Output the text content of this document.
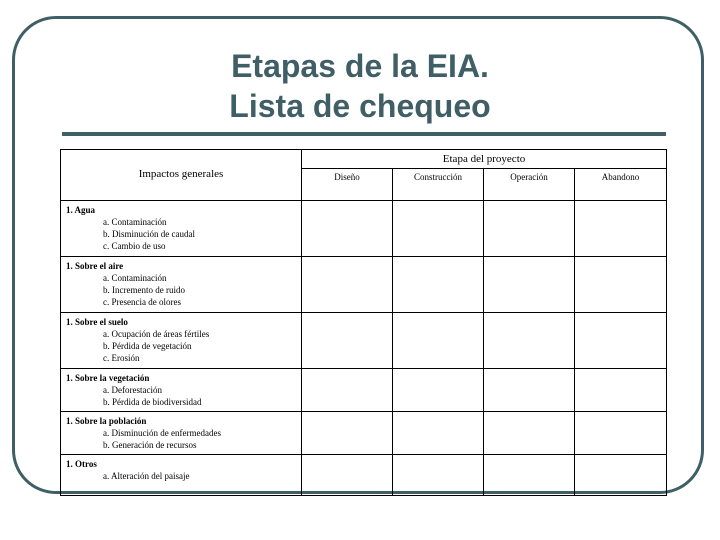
Etapas de la EIA.
Lista de chequeo
Impactos generales	Etapa del proyecto			
	Diseño	Construcción	Operación	Abandono

1. Agua
a. Contaminación
b. Disminución de caudal
c. Cambio de uso				

1. Sobre el aire
a. Contaminación
b. Incremento de ruido
c. Presencia de olores				

1. Sobre el suelo
a. Ocupación de áreas fértiles
b. Pérdida de vegetación
c. Erosión				

1. Sobre la vegetación
a. Deforestación
b. Pérdida de biodiversidad				

1. Sobre la población
a. Disminución de enfermedades
b. Generación de recursos				

1. Otros
a. Alteración del paisaje				
